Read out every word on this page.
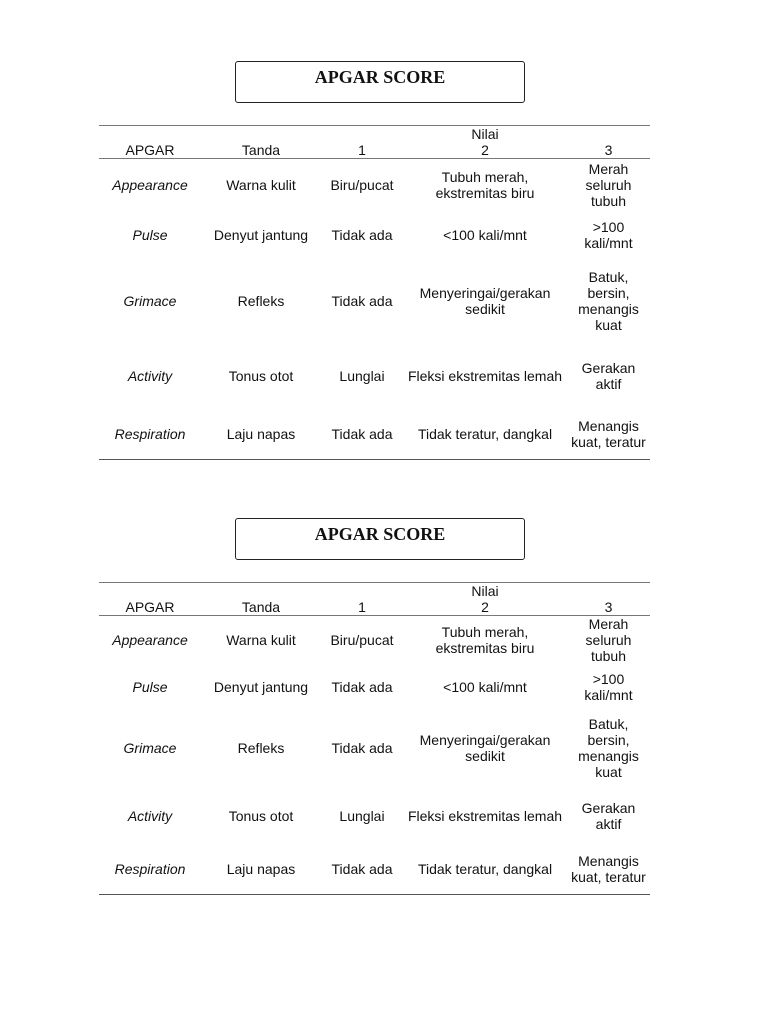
APGAR SCORE
			Nilai	
APGAR	Tanda	1	2	3
Appearance	Warna kulit	Biru/pucat	Tubuh merah, ekstremitas biru	Merah seluruh tubuh
Pulse	Denyut jantung	Tidak ada	<100 kali/mnt	>100 kali/mnt
Grimace	Refleks	Tidak ada	Menyeringai/gerakan sedikit	Batuk, bersin, menangis kuat
Activity	Tonus otot	Lunglai	Fleksi ekstremitas lemah	Gerakan aktif
Respiration	Laju napas	Tidak ada	Tidak teratur, dangkal	Menangis kuat, teratur
APGAR SCORE
			Nilai	
APGAR	Tanda	1	2	3
Appearance	Warna kulit	Biru/pucat	Tubuh merah, ekstremitas biru	Merah seluruh tubuh
Pulse	Denyut jantung	Tidak ada	<100 kali/mnt	>100 kali/mnt
Grimace	Refleks	Tidak ada	Menyeringai/gerakan sedikit	Batuk, bersin, menangis kuat
Activity	Tonus otot	Lunglai	Fleksi ekstremitas lemah	Gerakan aktif
Respiration	Laju napas	Tidak ada	Tidak teratur, dangkal	Menangis kuat, teratur
